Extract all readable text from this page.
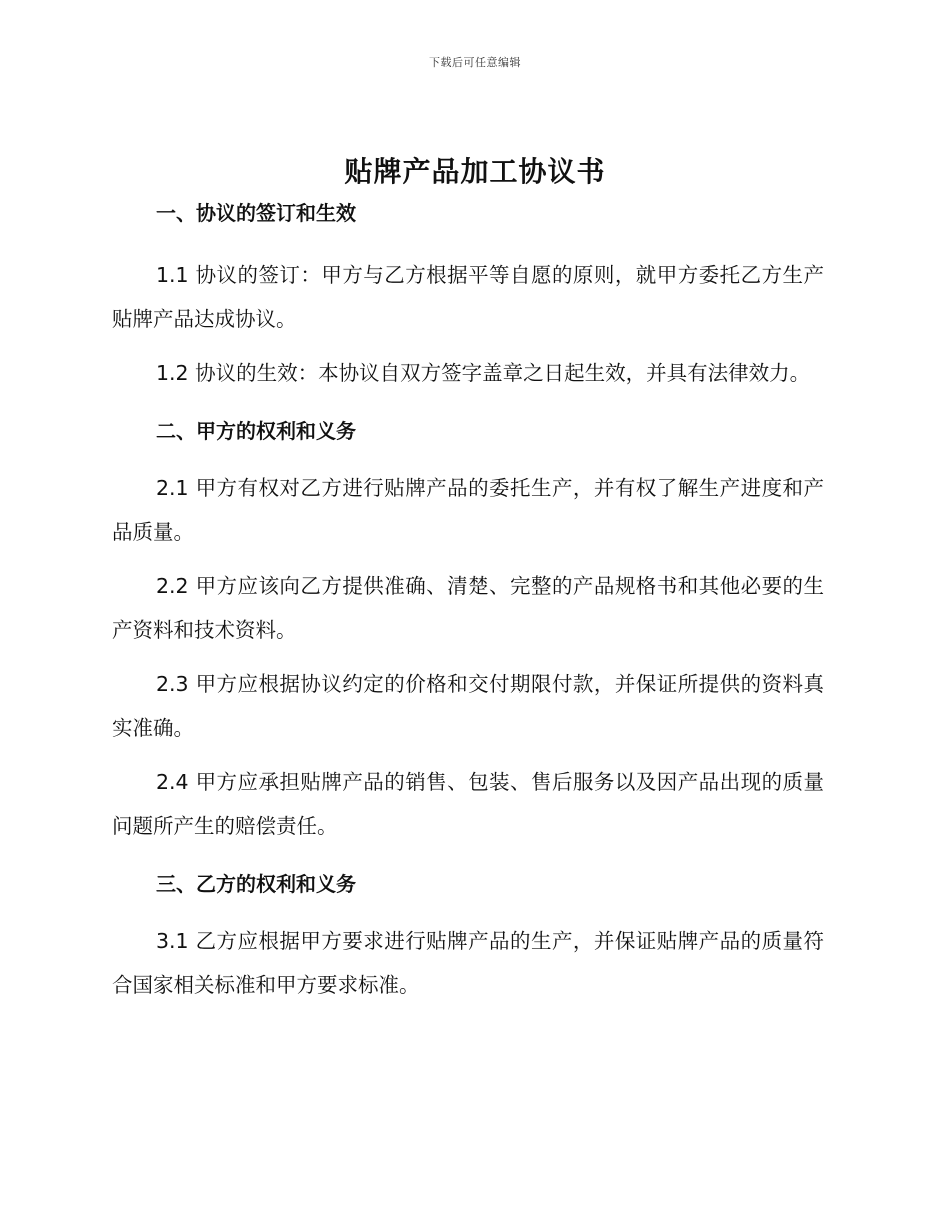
下载后可任意编辑
贴牌产品加工协议书

一、协议的签订和生效

1.1 协议的签订：甲方与乙方根据平等自愿的原则，就甲方委托乙方生产贴牌产品达成协议。

1.2 协议的生效：本协议自双方签字盖章之日起生效，并具有法律效力。

二、甲方的权利和义务

2.1 甲方有权对乙方进行贴牌产品的委托生产，并有权了解生产进度和产品质量。

2.2 甲方应该向乙方提供准确、清楚、完整的产品规格书和其他必要的生产资料和技术资料。

2.3 甲方应根据协议约定的价格和交付期限付款，并保证所提供的资料真实准确。

2.4 甲方应承担贴牌产品的销售、包装、售后服务以及因产品出现的质量问题所产生的赔偿责任。

三、乙方的权利和义务

3.1 乙方应根据甲方要求进行贴牌产品的生产，并保证贴牌产品的质量符合国家相关标准和甲方要求标准。
